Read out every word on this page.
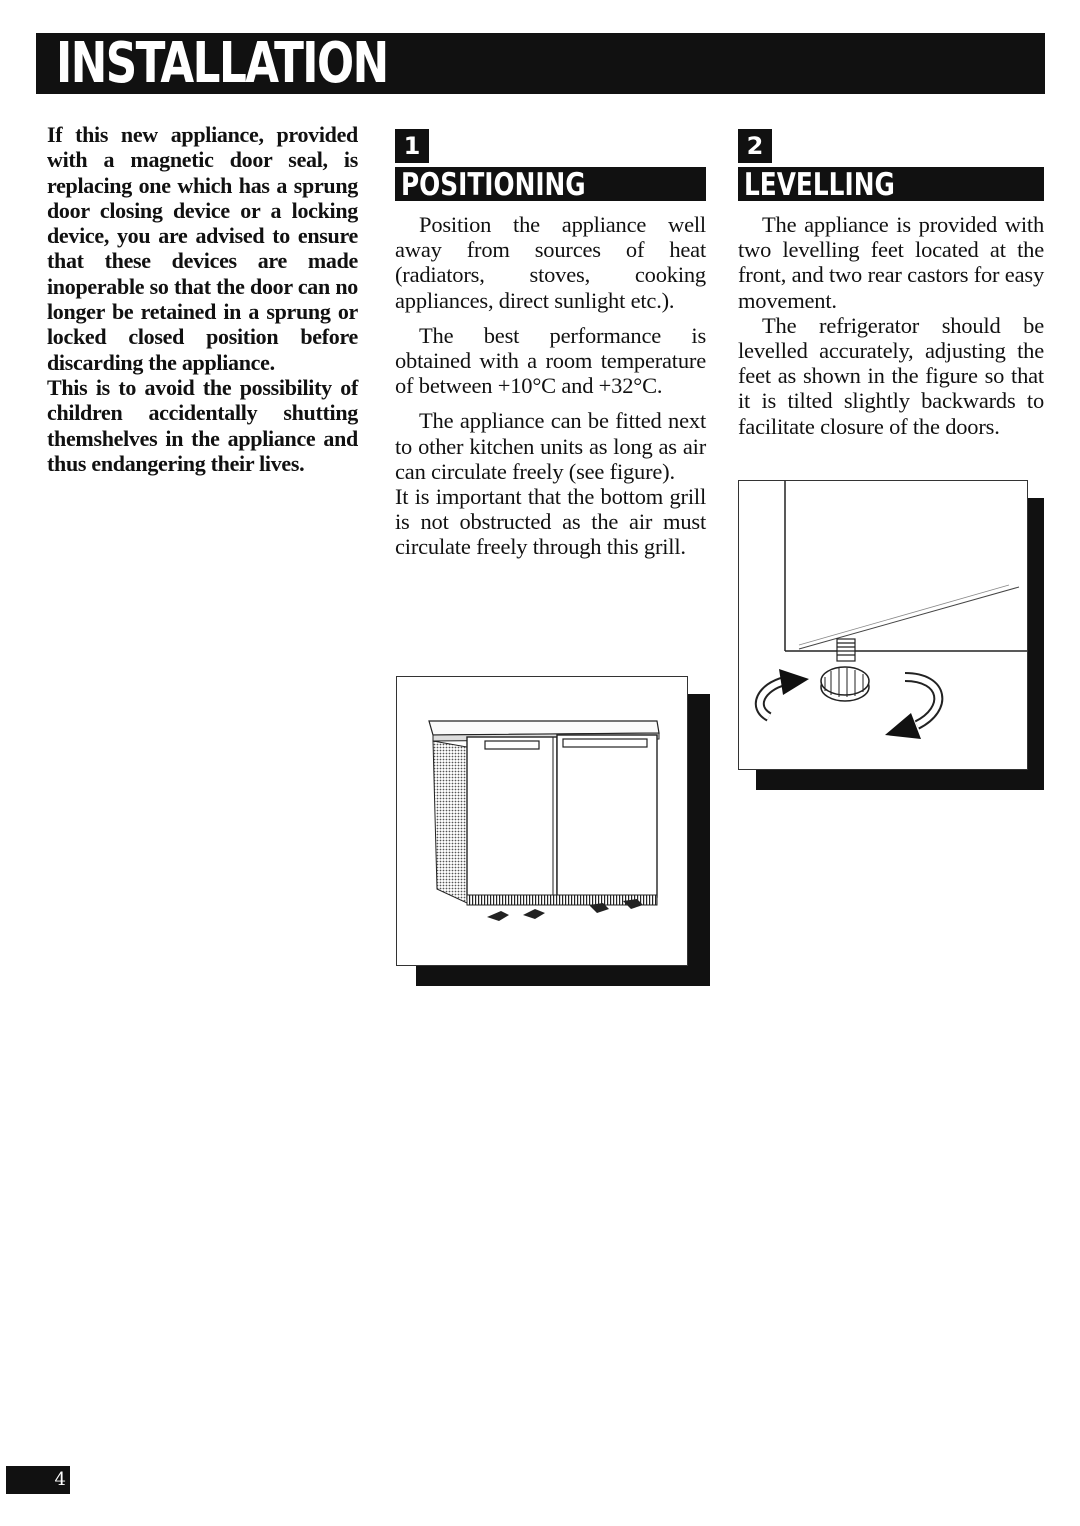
INSTALLATION

If this new appliance, provided with a magnetic door seal, is replacing one which has a sprung door closing device or a locking device, you are advised to ensure that these devices are made inoperable so that the door can no longer be retained in a sprung or locked closed position before discarding the appliance.

This is to avoid the possibility of children accidentally shutting themshelves in the appliance and thus endangering their lives.

1
POSITIONING

Position the appliance well away from sources of heat (radiators, stoves, cooking appliances, direct sunlight etc.).

The best performance is obtained with a room temperature of between +10°C and +32°C.

The appliance can be fitted next to other kitchen units as long as air can circulate freely (see figure).

It is important that the bottom grill is not obstructed as the air must circulate freely through this grill.

2
LEVELLING

The appliance is provided with two levelling feet located at the front, and two rear castors for easy movement.

The refrigerator should be levelled accurately, adjusting the feet as shown in the figure so that it is tilted slightly backwards to facilitate closure of the doors.

4
